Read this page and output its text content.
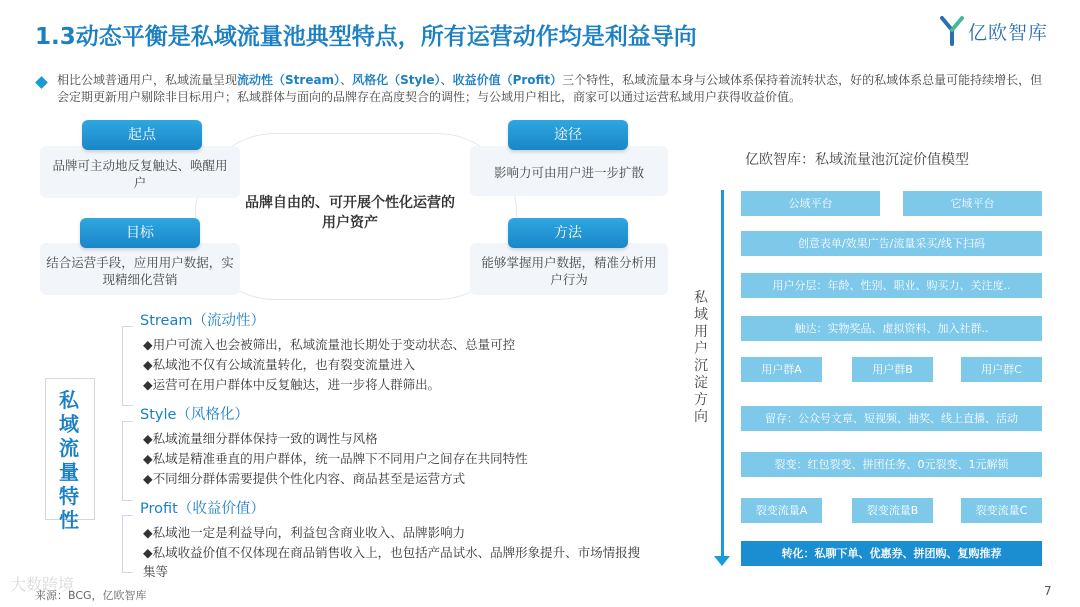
1.3动态平衡是私域流量池典型特点，所有运营动作均是利益导向	亿欧智库
相比公域普通用户，私域流量呈现流动性（Stream）、风格化（Style）、收益价值（Profit）三个特性，私域流量本身与公域体系保持着流转状态，好的私域体系总量可能持续增长，但会定期更新用户剔除非目标用户；私域群体与面向的品牌存在高度契合的调性；与公域用户相比，商家可以通过运营私域用户获得收益价值。
品牌可主动地反复触达、唤醒用户
起点
影响力可由用户进一步扩散
途径
品牌自由的、可开展个性化运营的用户资产
结合运营手段，应用用户数据，实现精细化营销
目标
能够掌握用户数据，精准分析用户行为
方法
私域流量特性
Stream（流动性）
◆用户可流入也会被筛出，私域流量池长期处于变动状态、总量可控
◆私域池不仅有公域流量转化，也有裂变流量进入
◆运营可在用户群体中反复触达，进一步将人群筛出。
Style（风格化）
◆私域流量细分群体保持一致的调性与风格
◆私域是精准垂直的用户群体，统一品牌下不同用户之间存在共同特性
◆不同细分群体需要提供个性化内容、商品甚至是运营方式
Profit（收益价值）
◆私域池一定是利益导向，利益包含商业收入、品牌影响力
◆私域收益价值不仅体现在商品销售收入上，也包括产品试水、品牌形象提升、市场情报搜集等
亿欧智库：私域流量池沉淀价值模型
私域用户沉淀方向
公域平台	它域平台
创意表单/效果广告/流量采买/线下扫码
用户分层：年龄、性别、职业、购买力、关注度..
触达：实物奖品、虚拟资料、加入社群..
用户群A	用户群B	用户群C
留存：公众号文章、短视频、抽奖、线上直播、活动
裂变：红包裂变、拼团任务、0元裂变、1元解锁
裂变流量A	裂变流量B	裂变流量C
转化：私聊下单、优惠券、拼团购、复购推荐
大数跨境
来源：BCG，亿欧智库	7
